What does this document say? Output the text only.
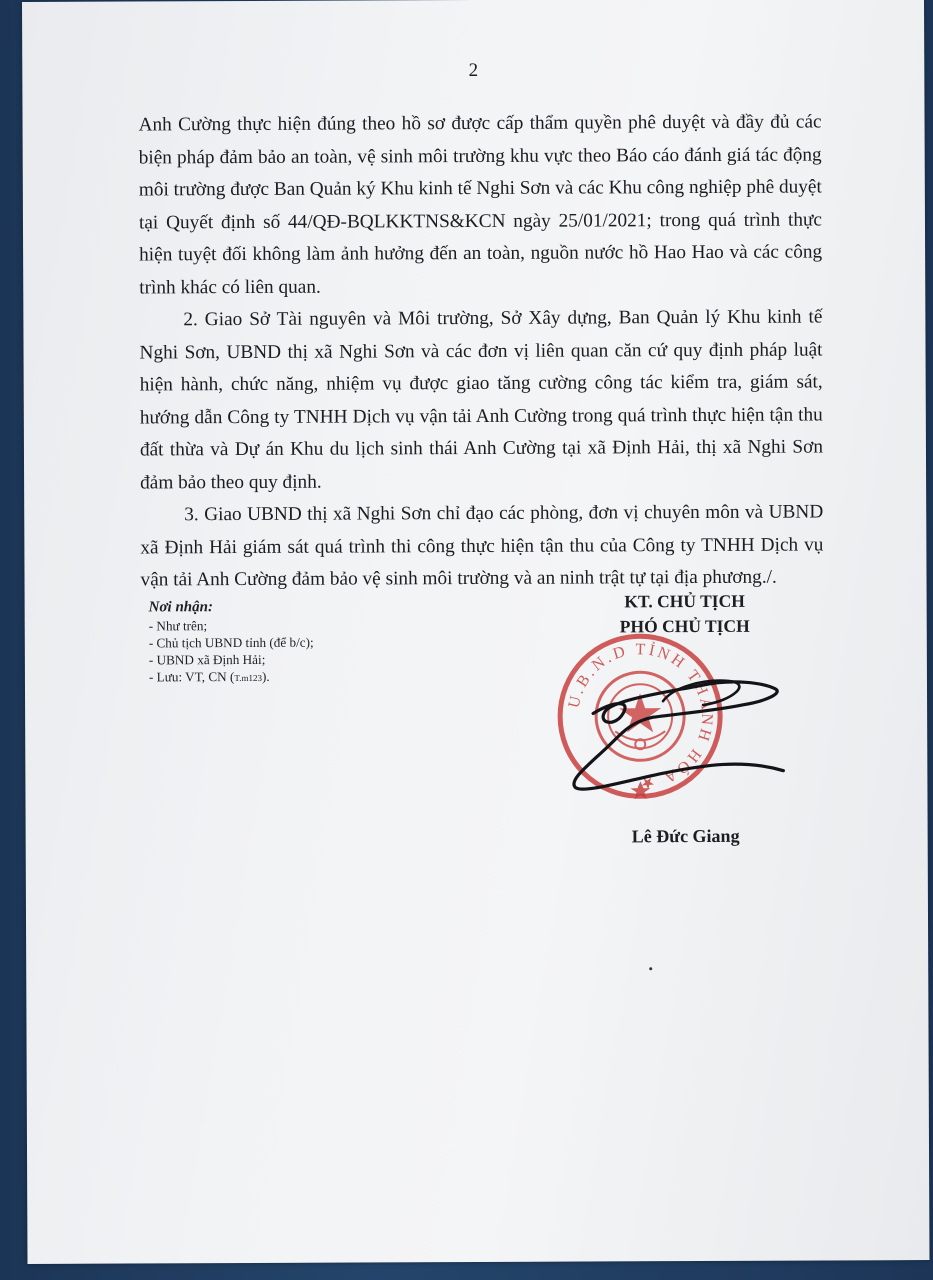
2

Anh Cường thực hiện đúng theo hồ sơ được cấp thẩm quyền phê duyệt và đầy đủ các biện pháp đảm bảo an toàn, vệ sinh môi trường khu vực theo Báo cáo đánh giá tác động môi trường được Ban Quản ký Khu kinh tế Nghi Sơn và các Khu công nghiệp phê duyệt tại Quyết định số 44/QĐ-BQLKKTNS&KCN ngày 25/01/2021; trong quá trình thực hiện tuyệt đối không làm ảnh hưởng đến an toàn, nguồn nước hồ Hao Hao và các công trình khác có liên quan.

2. Giao Sở Tài nguyên và Môi trường, Sở Xây dựng, Ban Quản lý Khu kinh tế Nghi Sơn, UBND thị xã Nghi Sơn và các đơn vị liên quan căn cứ quy định pháp luật hiện hành, chức năng, nhiệm vụ được giao tăng cường công tác kiểm tra, giám sát, hướng dẫn Công ty TNHH Dịch vụ vận tải Anh Cường trong quá trình thực hiện tận thu đất thừa và Dự án Khu du lịch sinh thái Anh Cường tại xã Định Hải, thị xã Nghi Sơn đảm bảo theo quy định.

3. Giao UBND thị xã Nghi Sơn chỉ đạo các phòng, đơn vị chuyên môn và UBND xã Định Hải giám sát quá trình thi công thực hiện tận thu của Công ty TNHH Dịch vụ vận tải Anh Cường đảm bảo vệ sinh môi trường và an ninh trật tự tại địa phương./.

Nơi nhận:
- Như trên;
- Chủ tịch UBND tỉnh (để b/c);
- UBND xã Định Hải;
- Lưu: VT, CN (T.m123).
KT. CHỦ TỊCH
PHÓ CHỦ TỊCH
U.B.N.D TỈNH THANH HÓA ★
Lê Đức Giang
